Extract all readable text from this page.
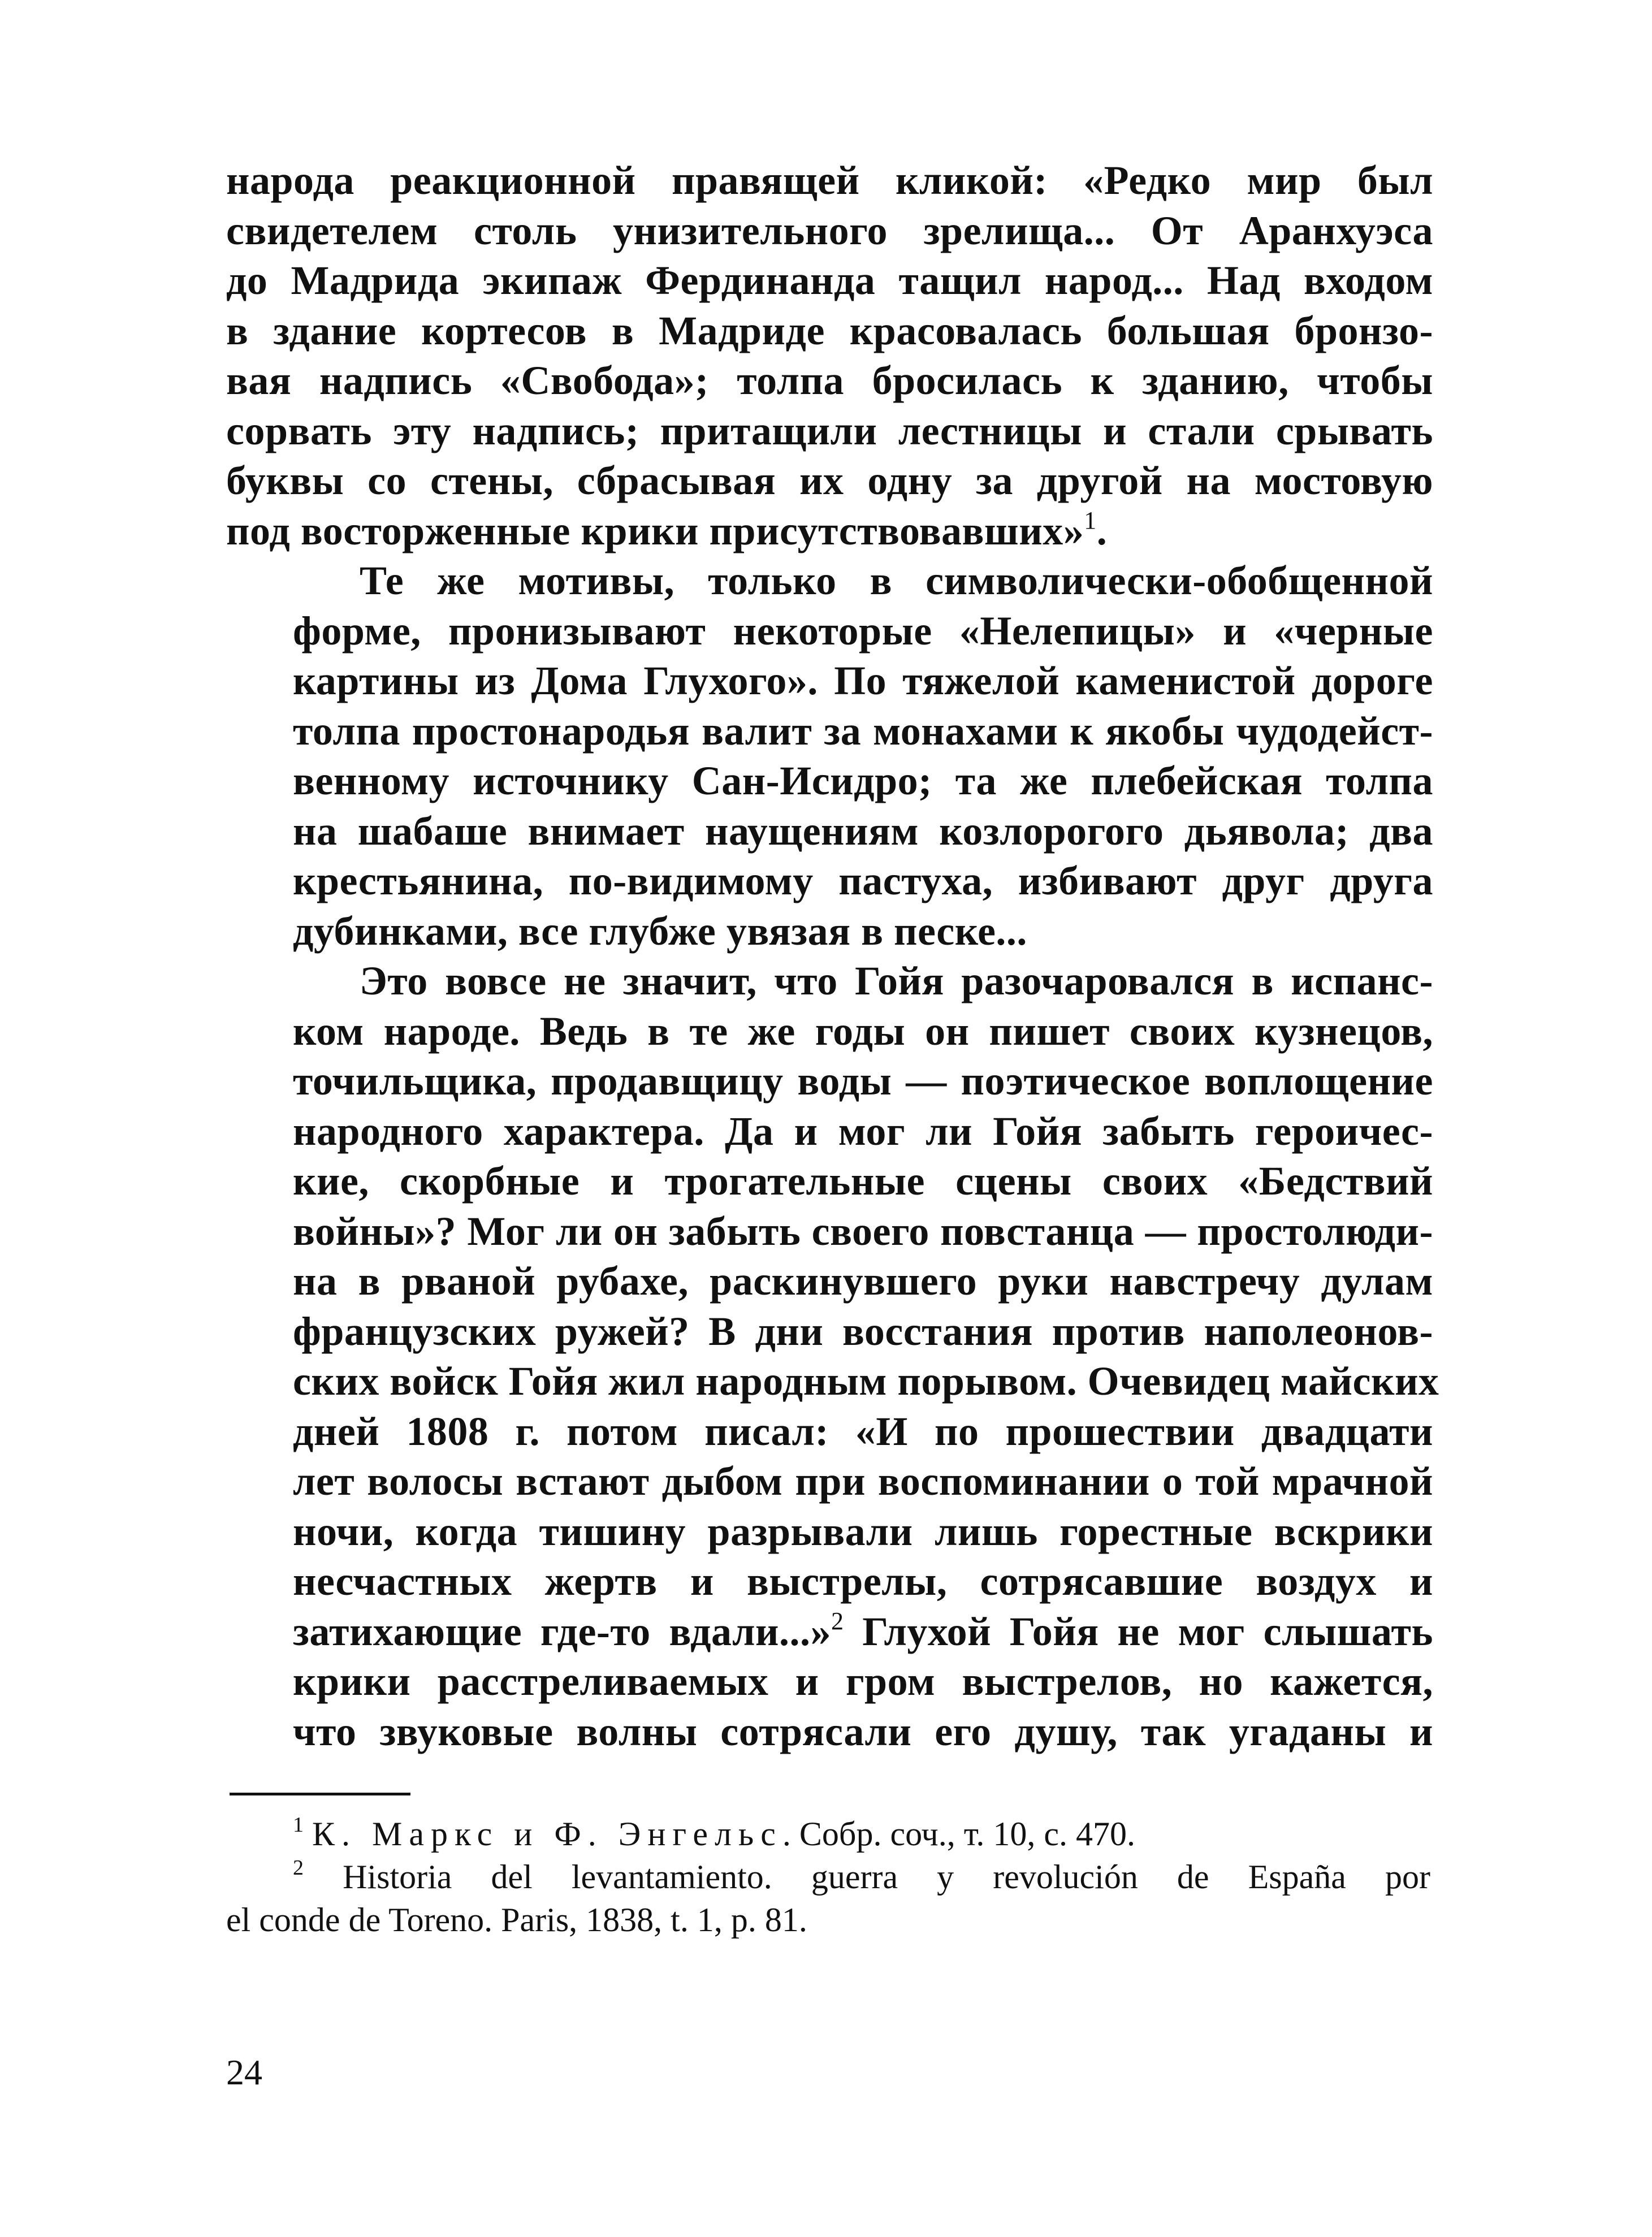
народа реакционной правящей кликой: «Редко мир был
свидетелем столь унизительного зрелища... От Аранхуэса
до Мадрида экипаж Фердинанда тащил народ... Над входом
в здание кортесов в Мадриде красовалась большая бронзо-
вая надпись «Свобода»; толпа бросилась к зданию, чтобы
сорвать эту надпись; притащили лестницы и стали срывать
буквы со стены, сбрасывая их одну за другой на мостовую
под восторженные крики присутствовавших»$^1$.

Те же мотивы, только в символически-обобщенной
форме, пронизывают некоторые «Нелепицы» и «черные
картины из Дома Глухого». По тяжелой каменистой дороге
толпа простонародья валит за монахами к якобы чудодейст-
венному источнику Сан-Исидро; та же плебейская толпа
на шабаше внимает наущениям козлорогого дьявола; два
крестьянина, по-видимому пастуха, избивают друг друга
дубинками, все глубже увязая в песке...

Это вовсе не значит, что Гойя разочаровался в испанс-
ком народе. Ведь в те же годы он пишет своих кузнецов,
точильщика, продавщицу воды — поэтическое воплощение
народного характера. Да и мог ли Гойя забыть героичес-
кие, скорбные и трогательные сцены своих «Бедствий
войны»? Мог ли он забыть своего повстанца — простолюди-
на в рваной рубахе, раскинувшего руки навстречу дулам
французских ружей? В дни восстания против наполеонов-
ских войск Гойя жил народным порывом. Очевидец майских
дней 1808 г. потом писал: «И по прошествии двадцати
лет волосы встают дыбом при воспоминании о той мрачной
ночи, когда тишину разрывали лишь горестные вскрики
несчастных жертв и выстрелы, сотрясавшие воздух и
затихающие где-то вдали...»$^2$ Глухой Гойя не мог слышать
крики расстреливаемых и гром выстрелов, но кажется,
что звуковые волны сотрясали его душу, так угаданы и

$^1$ К. Маркс и Ф. Энгельс. Собр. соч., т. 10, с. 470.
$^2$ Historia del levantamiento. guerra y revolución de España por
el conde de Toreno. Paris, 1838, t. 1, p. 81.
24
